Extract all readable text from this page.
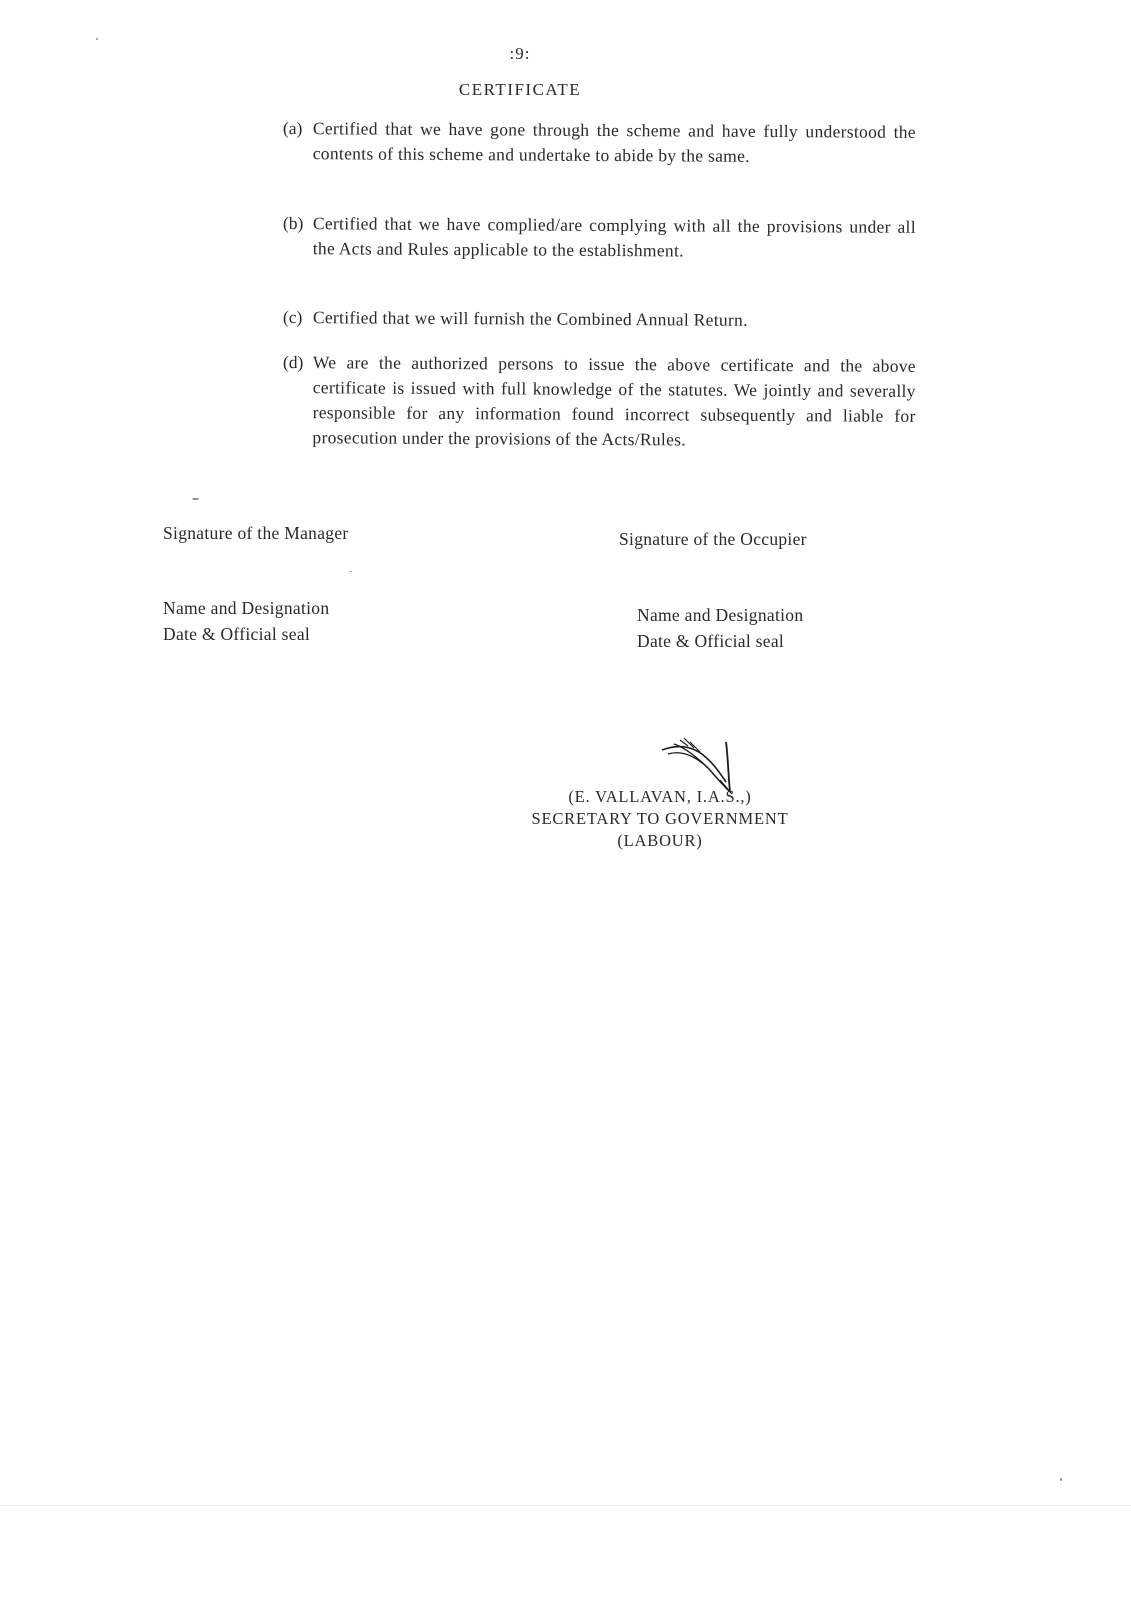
:9:
CERTIFICATE
(a) Certified that we have gone through the scheme and have fully understood the contents of this scheme and undertake to abide by the same.
(b) Certified that we have complied/are complying with all the provisions under all the Acts and Rules applicable to the establishment.
(c) Certified that we will furnish the Combined Annual Return.
(d) We are the authorized persons to issue the above certificate and the above certificate is issued with full knowledge of the statutes. We jointly and severally responsible for any information found incorrect subsequently and liable for prosecution under the provisions of the Acts/Rules.
Signature of the Manager
Name and Designation
Date & Official seal
Signature of the Occupier
Name and Designation
Date & Official seal
(E. VALLAVAN, I.A.S.,)
SECRETARY TO GOVERNMENT
(LABOUR)
